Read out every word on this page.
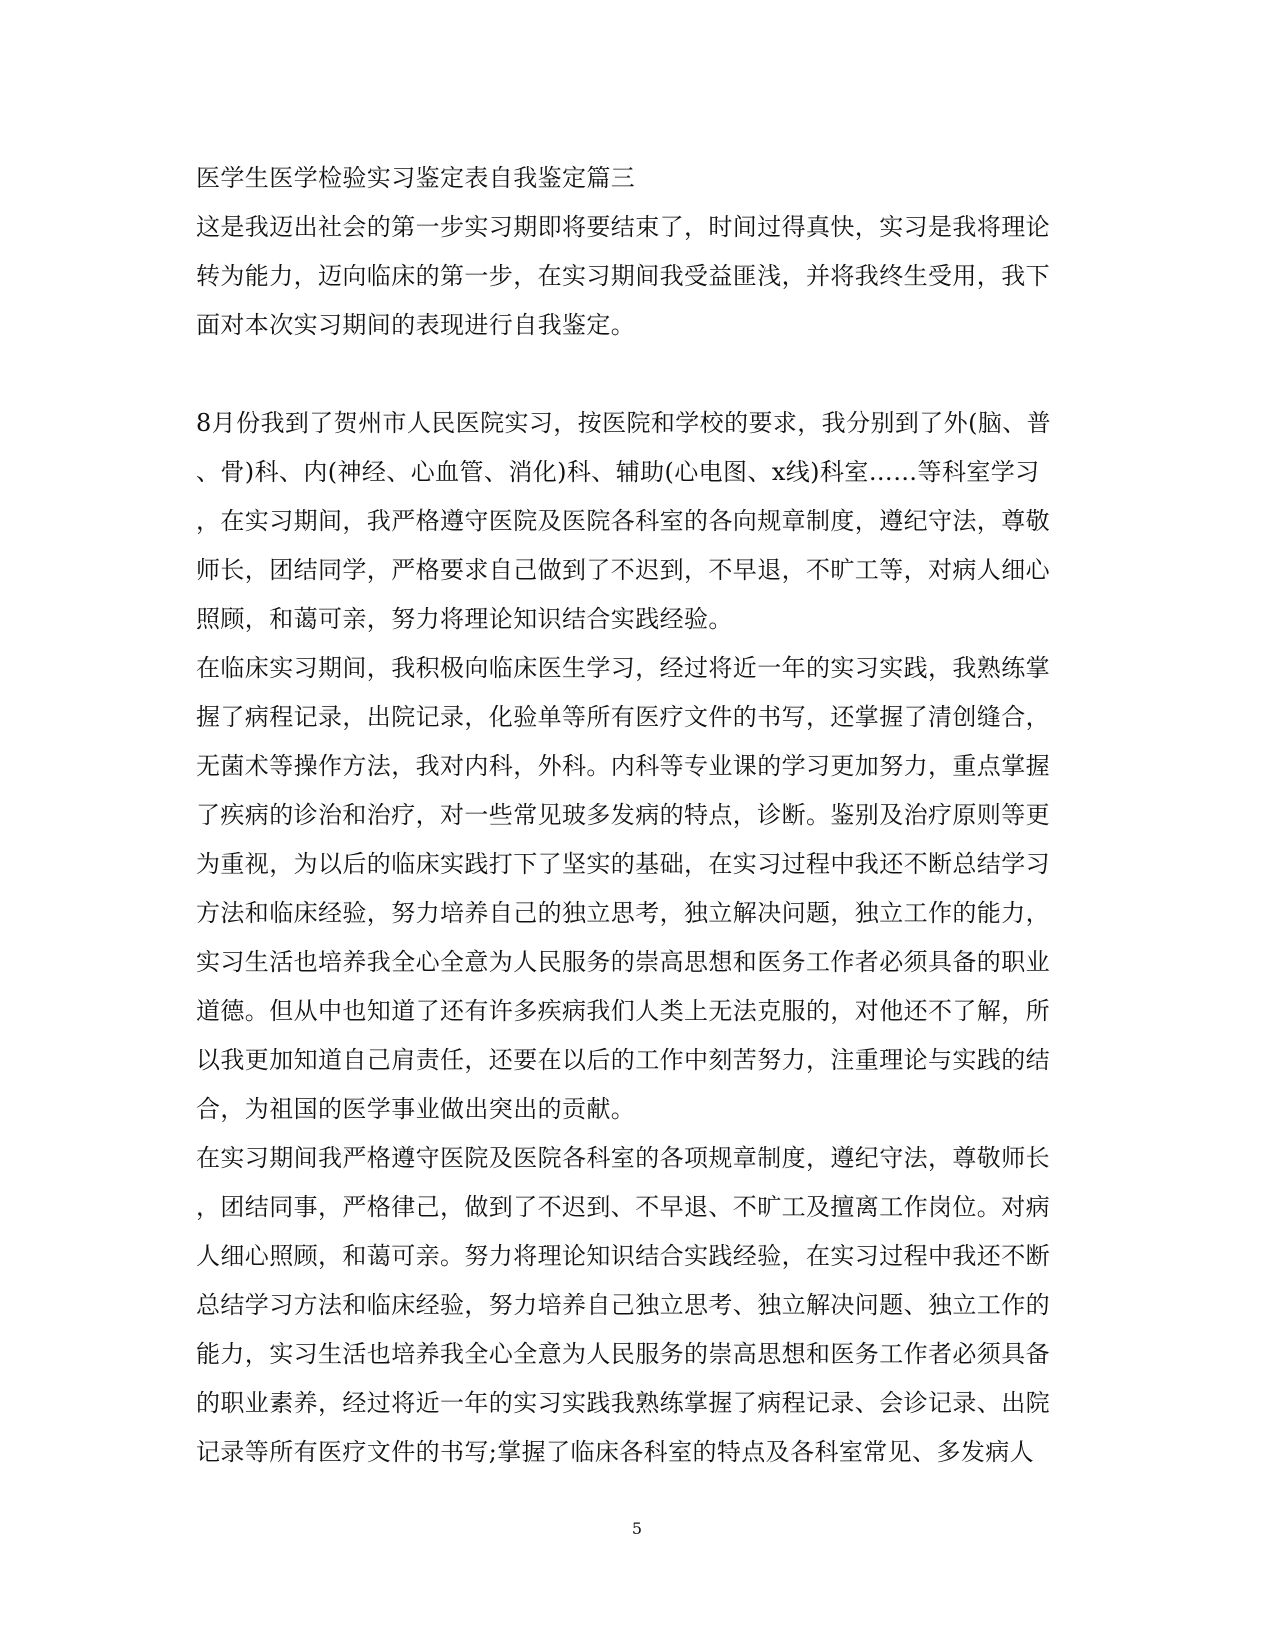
医学生医学检验实习鉴定表自我鉴定篇三
这是我迈出社会的第一步实习期即将要结束了，时间过得真快，实习是我将理论
转为能力，迈向临床的第一步，在实习期间我受益匪浅，并将我终生受用，我下
面对本次实习期间的表现进行自我鉴定。
8月份我到了贺州市人民医院实习，按医院和学校的要求，我分别到了外(脑、普
、骨)科、内(神经、心血管、消化)科、辅助(心电图、x线)科室……等科室学习
，在实习期间，我严格遵守医院及医院各科室的各向规章制度，遵纪守法，尊敬
师长，团结同学，严格要求自己做到了不迟到，不早退，不旷工等，对病人细心
照顾，和蔼可亲，努力将理论知识结合实践经验。
在临床实习期间，我积极向临床医生学习，经过将近一年的实习实践，我熟练掌
握了病程记录，出院记录，化验单等所有医疗文件的书写，还掌握了清创缝合，
无菌术等操作方法，我对内科，外科。内科等专业课的学习更加努力，重点掌握
了疾病的诊治和治疗，对一些常见玻多发病的特点，诊断。鉴别及治疗原则等更
为重视，为以后的临床实践打下了坚实的基础，在实习过程中我还不断总结学习
方法和临床经验，努力培养自己的独立思考，独立解决问题，独立工作的能力，
实习生活也培养我全心全意为人民服务的崇高思想和医务工作者必须具备的职业
道德。但从中也知道了还有许多疾病我们人类上无法克服的，对他还不了解，所
以我更加知道自己肩责任，还要在以后的工作中刻苦努力，注重理论与实践的结
合，为祖国的医学事业做出突出的贡献。
在实习期间我严格遵守医院及医院各科室的各项规章制度，遵纪守法，尊敬师长
，团结同事，严格律己，做到了不迟到、不早退、不旷工及擅离工作岗位。对病
人细心照顾，和蔼可亲。努力将理论知识结合实践经验，在实习过程中我还不断
总结学习方法和临床经验，努力培养自己独立思考、独立解决问题、独立工作的
能力，实习生活也培养我全心全意为人民服务的崇高思想和医务工作者必须具备
的职业素养，经过将近一年的实习实践我熟练掌握了病程记录、会诊记录、出院
记录等所有医疗文件的书写;掌握了临床各科室的特点及各科室常见、多发病人
5
